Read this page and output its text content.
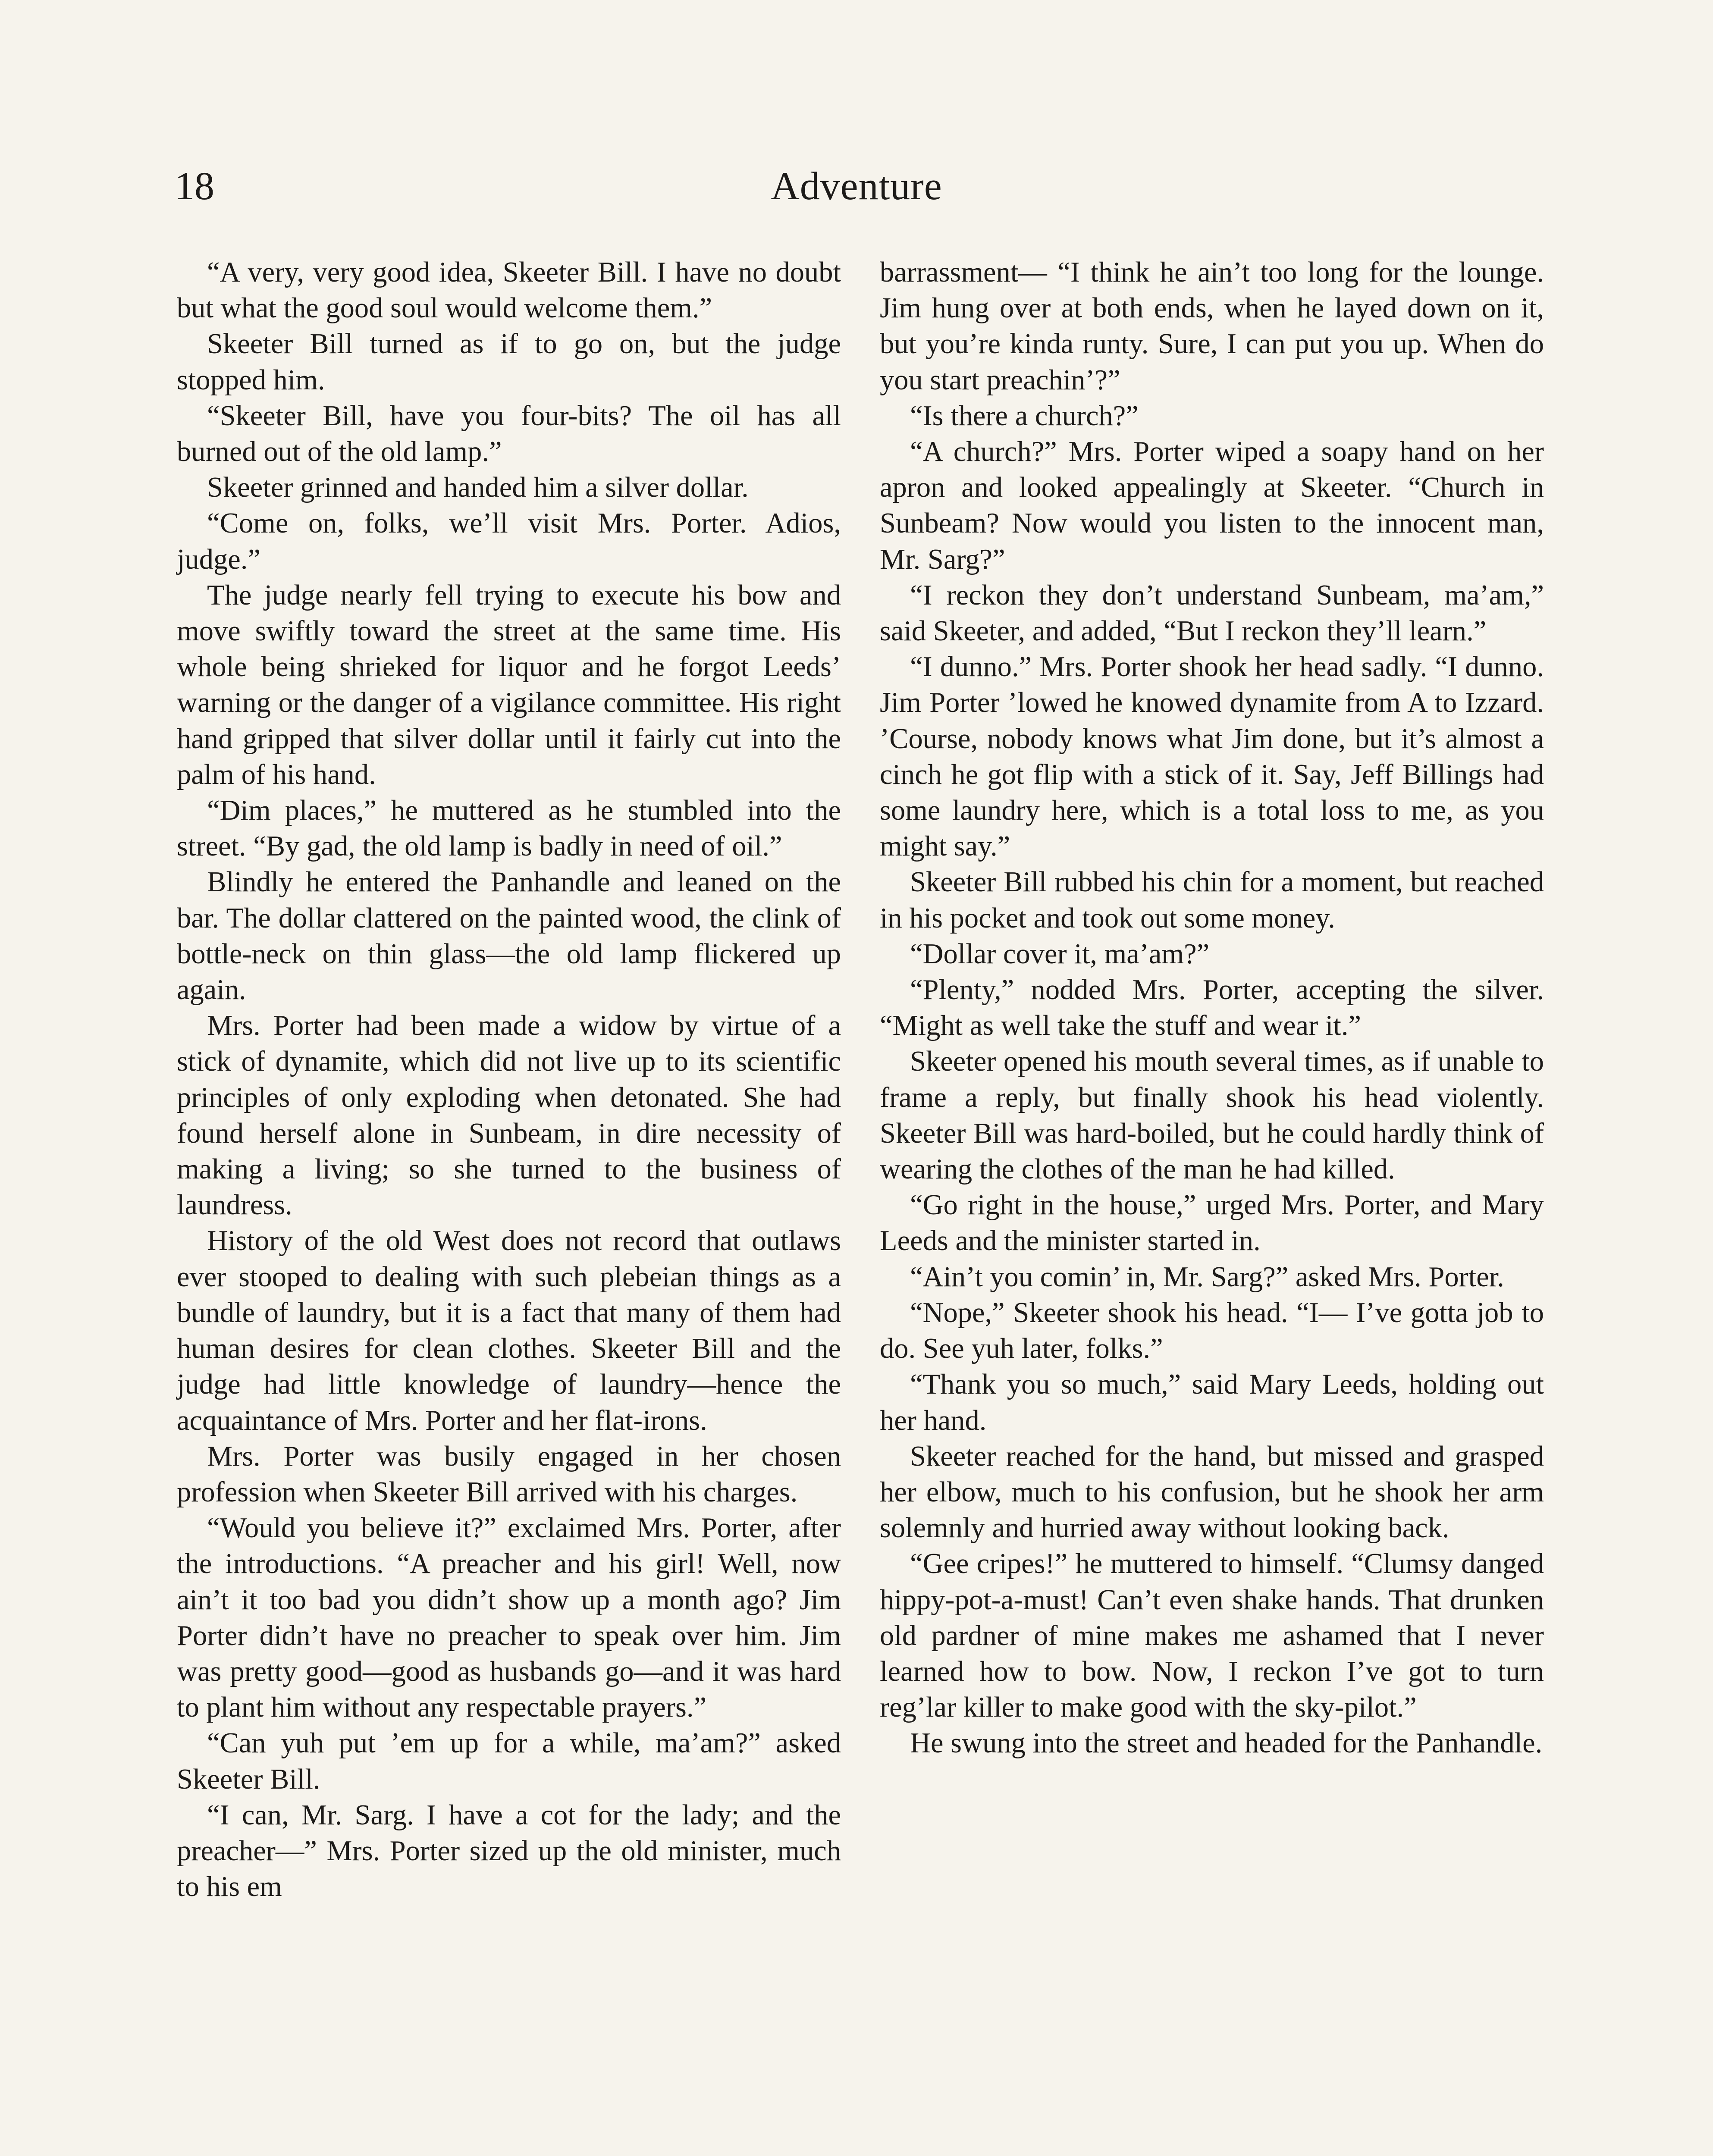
18	Adventure

“A very, very good idea, Skeeter Bill. I have no doubt but what the good soul would welcome them.”

Skeeter Bill turned as if to go on, but the judge stopped him.

“Skeeter Bill, have you four-bits? The oil has all burned out of the old lamp.”

Skeeter grinned and handed him a silver dollar.

“Come on, folks, we’ll visit Mrs. Porter. Adios, judge.”

The judge nearly fell trying to execute his bow and move swiftly toward the street at the same time. His whole being shrieked for liquor and he forgot Leeds’ warning or the danger of a vigilance committee. His right hand gripped that silver dollar until it fairly cut into the palm of his hand.

“Dim places,” he muttered as he stumbled into the street. “By gad, the old lamp is badly in need of oil.”

Blindly he entered the Panhandle and leaned on the bar. The dollar clattered on the painted wood, the clink of bottle-neck on thin glass—the old lamp flickered up again.

Mrs. Porter had been made a widow by virtue of a stick of dynamite, which did not live up to its scientific principles of only exploding when detonated. She had found herself alone in Sunbeam, in dire necessity of making a living; so she turned to the business of laundress.

History of the old West does not record that outlaws ever stooped to dealing with such plebeian things as a bundle of laundry, but it is a fact that many of them had human desires for clean clothes. Skeeter Bill and the judge had little knowledge of laundry—hence the acquaintance of Mrs. Porter and her flat-irons.

Mrs. Porter was busily engaged in her chosen profession when Skeeter Bill arrived with his charges.

“Would you believe it?” exclaimed Mrs. Porter, after the introductions. “A preacher and his girl! Well, now ain’t it too bad you didn’t show up a month ago? Jim Porter didn’t have no preacher to speak over him. Jim was pretty good—good as husbands go—and it was hard to plant him without any respectable prayers.”

“Can yuh put ’em up for a while, ma’am?” asked Skeeter Bill.

“I can, Mr. Sarg. I have a cot for the lady; and the preacher—” Mrs. Porter sized up the old minister, much to his em

barrassment— “I think he ain’t too long for the lounge. Jim hung over at both ends, when he layed down on it, but you’re kinda runty. Sure, I can put you up. When do you start preachin’?”

“Is there a church?”

“A church?” Mrs. Porter wiped a soapy hand on her apron and looked appealingly at Skeeter. “Church in Sunbeam? Now would you listen to the innocent man, Mr. Sarg?”

“I reckon they don’t understand Sunbeam, ma’am,” said Skeeter, and added, “But I reckon they’ll learn.”

“I dunno.” Mrs. Porter shook her head sadly. “I dunno. Jim Porter ’lowed he knowed dynamite from A to Izzard. ’Course, nobody knows what Jim done, but it’s almost a cinch he got flip with a stick of it. Say, Jeff Billings had some laundry here, which is a total loss to me, as you might say.”

Skeeter Bill rubbed his chin for a moment, but reached in his pocket and took out some money.

“Dollar cover it, ma’am?”

“Plenty,” nodded Mrs. Porter, accepting the silver. “Might as well take the stuff and wear it.”

Skeeter opened his mouth several times, as if unable to frame a reply, but finally shook his head violently. Skeeter Bill was hard-boiled, but he could hardly think of wearing the clothes of the man he had killed.

“Go right in the house,” urged Mrs. Porter, and Mary Leeds and the minister started in.

“Ain’t you comin’ in, Mr. Sarg?” asked Mrs. Porter.

“Nope,” Skeeter shook his head. “I— I’ve gotta job to do. See yuh later, folks.”

“Thank you so much,” said Mary Leeds, holding out her hand.

Skeeter reached for the hand, but missed and grasped her elbow, much to his confusion, but he shook her arm solemnly and hurried away without looking back.

“Gee cripes!” he muttered to himself. “Clumsy danged hippy-pot-a-must! Can’t even shake hands. That drunken old pardner of mine makes me ashamed that I never learned how to bow. Now, I reckon I’ve got to turn reg’lar killer to make good with the sky-pilot.”

He swung into the street and headed for the Panhandle.
